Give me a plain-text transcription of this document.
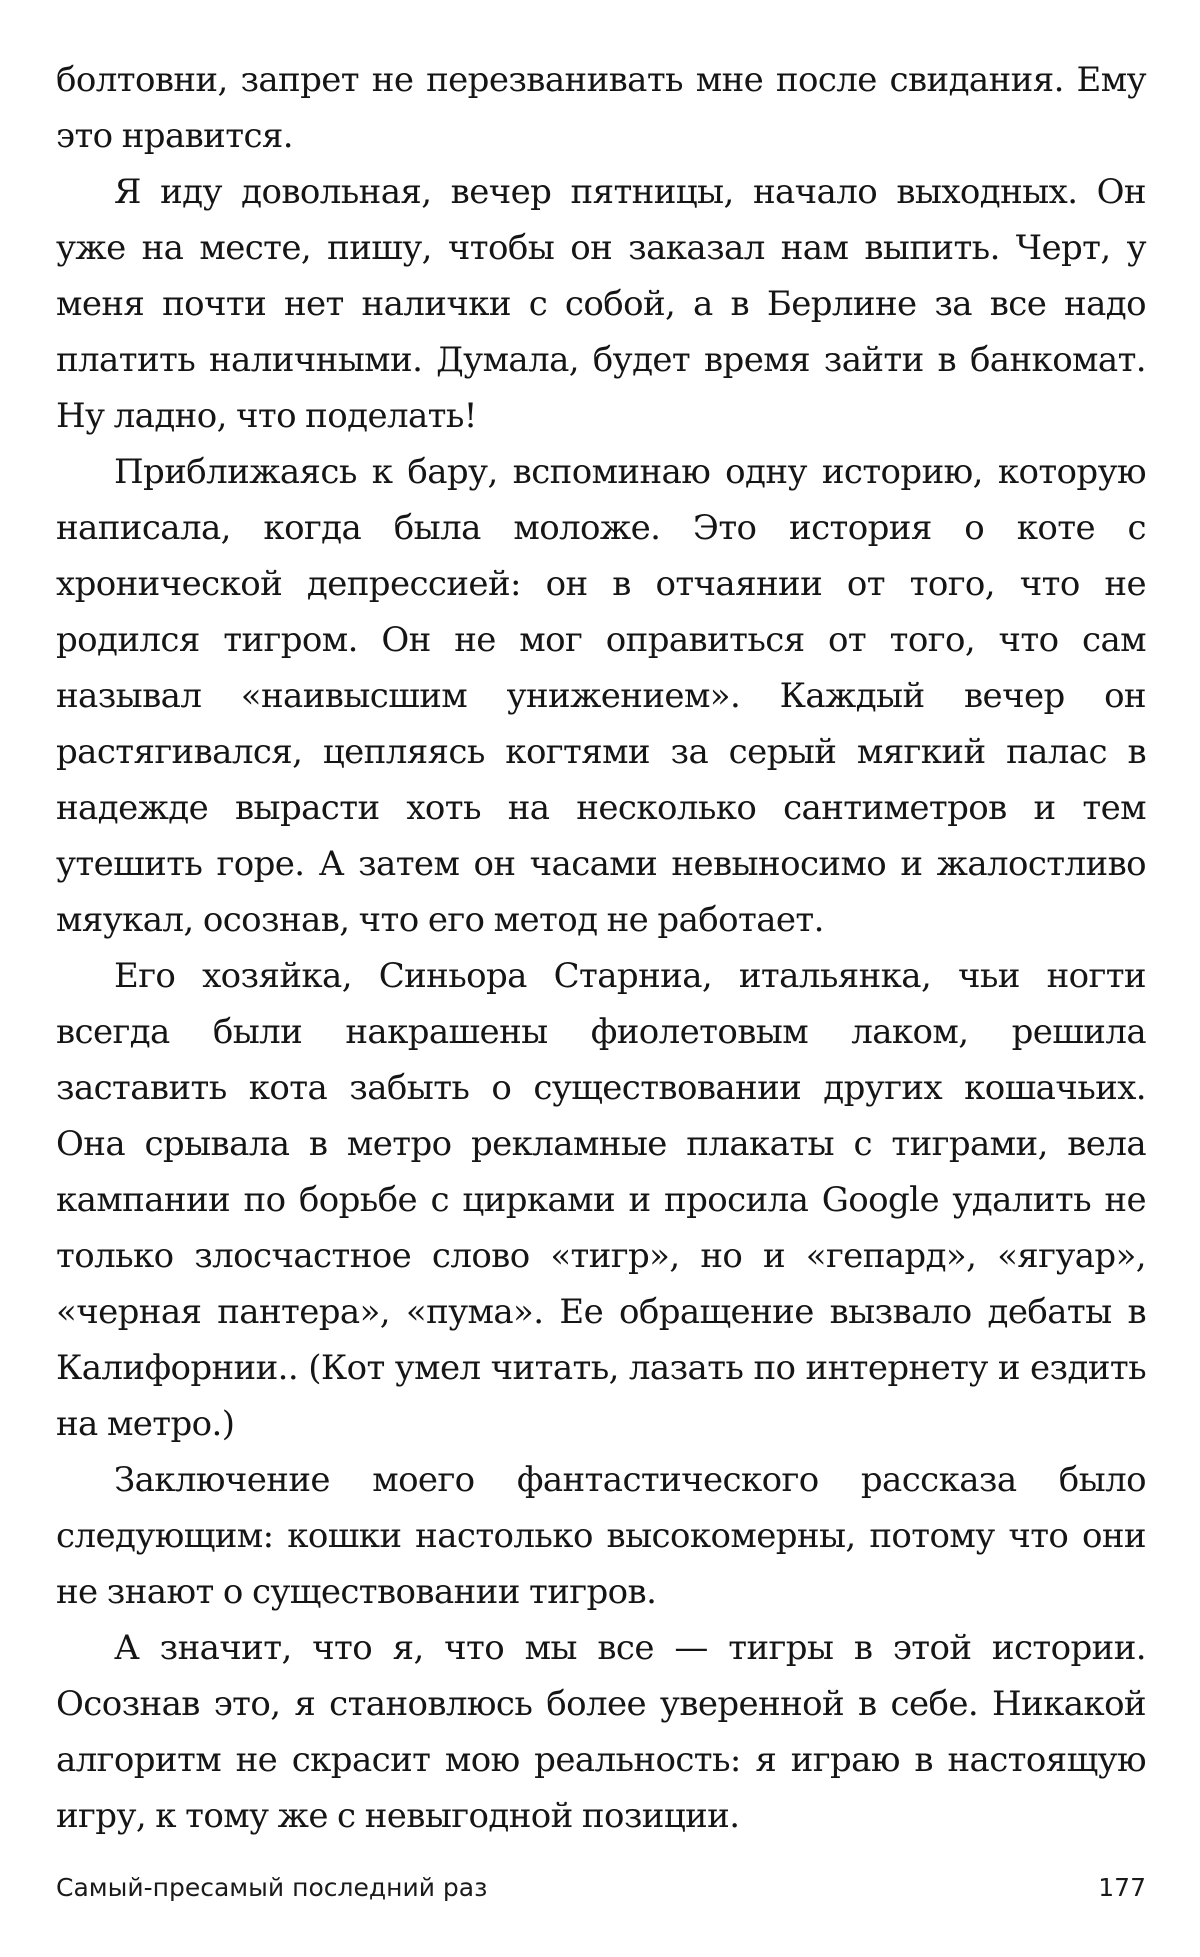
болтовни, запрет не перезванивать мне после свидания. Ему это нравится.

Я иду довольная, вечер пятницы, начало выходных. Он уже на месте, пишу, чтобы он заказал нам выпить. Черт, у меня почти нет налички с собой, а в Берлине за все надо платить наличными. Думала, будет время зайти в банкомат. Ну ладно, что поделать!

Приближаясь к бару, вспоминаю одну историю, которую написала, когда была моложе. Это история о коте с хронической депрессией: он в отчаянии от того, что не родился тигром. Он не мог оправиться от того, что сам называл «наивысшим унижением». Каждый вечер он растягивался, цепляясь когтями за серый мягкий палас в надежде вырасти хоть на несколько сантиметров и тем утешить горе. А затем он часами невыносимо и жалостливо мяукал, осознав, что его метод не работает.

Его хозяйка, Синьора Старниа, итальянка, чьи ногти всегда были накрашены фиолетовым лаком, решила заставить кота забыть о существовании других кошачьих. Она срывала в метро рекламные плакаты с тиграми, вела кампании по борьбе с цирками и просила Google удалить не только злосчастное слово «тигр», но и «гепард», «ягуар», «черная пантера», «пума». Ее обращение вызвало дебаты в Калифорнии.. (Кот умел читать, лазать по интернету и ездить на метро.)

Заключение моего фантастического рассказа было следующим: кошки настолько высокомерны, потому что они не знают о существовании тигров.

А значит, что я, что мы все — тигры в этой истории. Осознав это, я становлюсь более уверенной в себе. Никакой алгоритм не скрасит мою реальность: я играю в настоящую игру, к тому же с невыгодной позиции.

Самый-пресамый последний раз	177
